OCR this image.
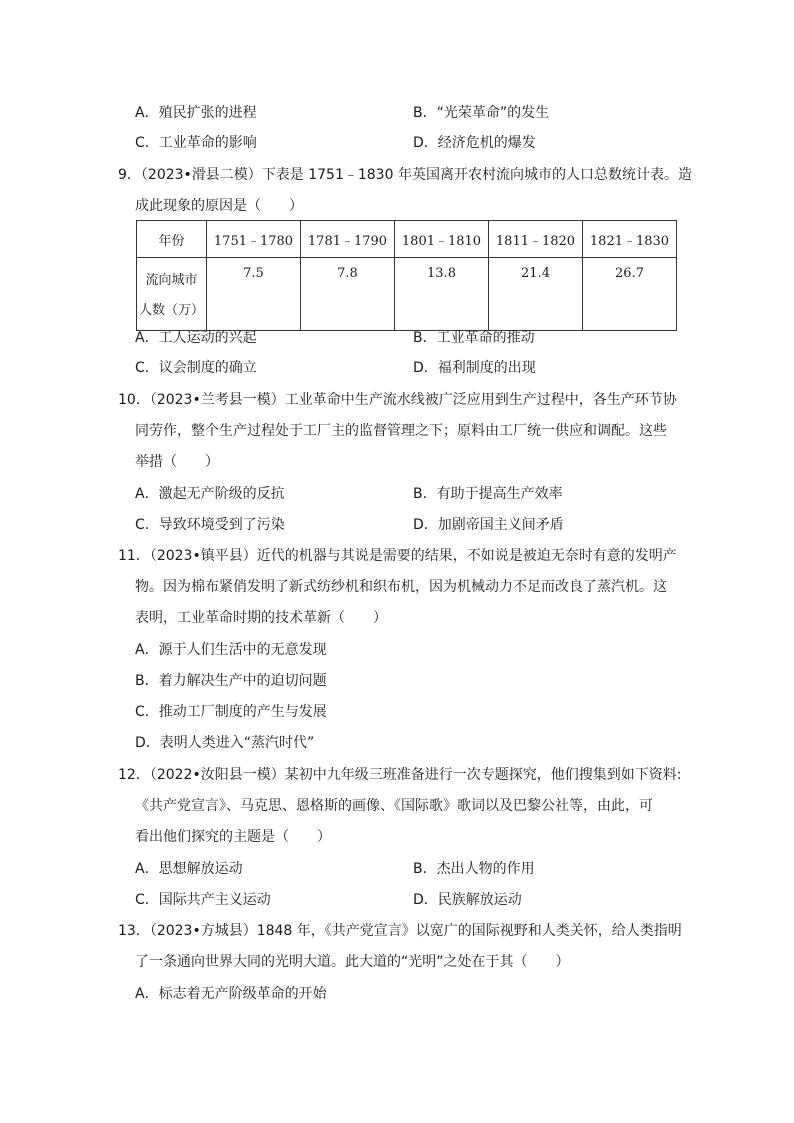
A．殖民扩张的进程	B．“光荣革命”的发生
C．工业革命的影响	D．经济危机的爆发
9．（2023•滑县二模）下表是 1751﹣1830 年英国离开农村流向城市的人口总数统计表。造
成此现象的原因是（　　）
年份	1751﹣1780	1781﹣1790	1801﹣1810	1811﹣1820	1821﹣1830

流向城市
人数（万）	7.5	7.8	13.8	21.4	26.7
A．工人运动的兴起	B．工业革命的推动
C．议会制度的确立	D．福利制度的出现
10．（2023•兰考县一模）工业革命中生产流水线被广泛应用到生产过程中，各生产环节协
同劳作，整个生产过程处于工厂主的监督管理之下；原料由工厂统一供应和调配。这些
举措（　　）
A．激起无产阶级的反抗	B．有助于提高生产效率
C．导致环境受到了污染	D．加剧帝国主义间矛盾
11．（2023•镇平县）近代的机器与其说是需要的结果，不如说是被迫无奈时有意的发明产
物。因为棉布紧俏发明了新式纺纱机和织布机，因为机械动力不足而改良了蒸汽机。这
表明，工业革命时期的技术革新（　　）
A．源于人们生活中的无意发现
B．着力解决生产中的迫切问题
C．推动工厂制度的产生与发展
D．表明人类进入“蒸汽时代”
12．（2022•汝阳县一模）某初中九年级三班准备进行一次专题探究，他们搜集到如下资料:
《共产党宣言》、马克思、恩格斯的画像、《国际歌》歌词以及巴黎公社等，由此，可
看出他们探究的主题是（　　）
A．思想解放运动	B．杰出人物的作用
C．国际共产主义运动	D．民族解放运动
13．（2023•方城县）1848 年，《共产党宣言》以宽广的国际视野和人类关怀，给人类指明
了一条通向世界大同的光明大道。此大道的“光明”之处在于其（　　）
A．标志着无产阶级革命的开始
